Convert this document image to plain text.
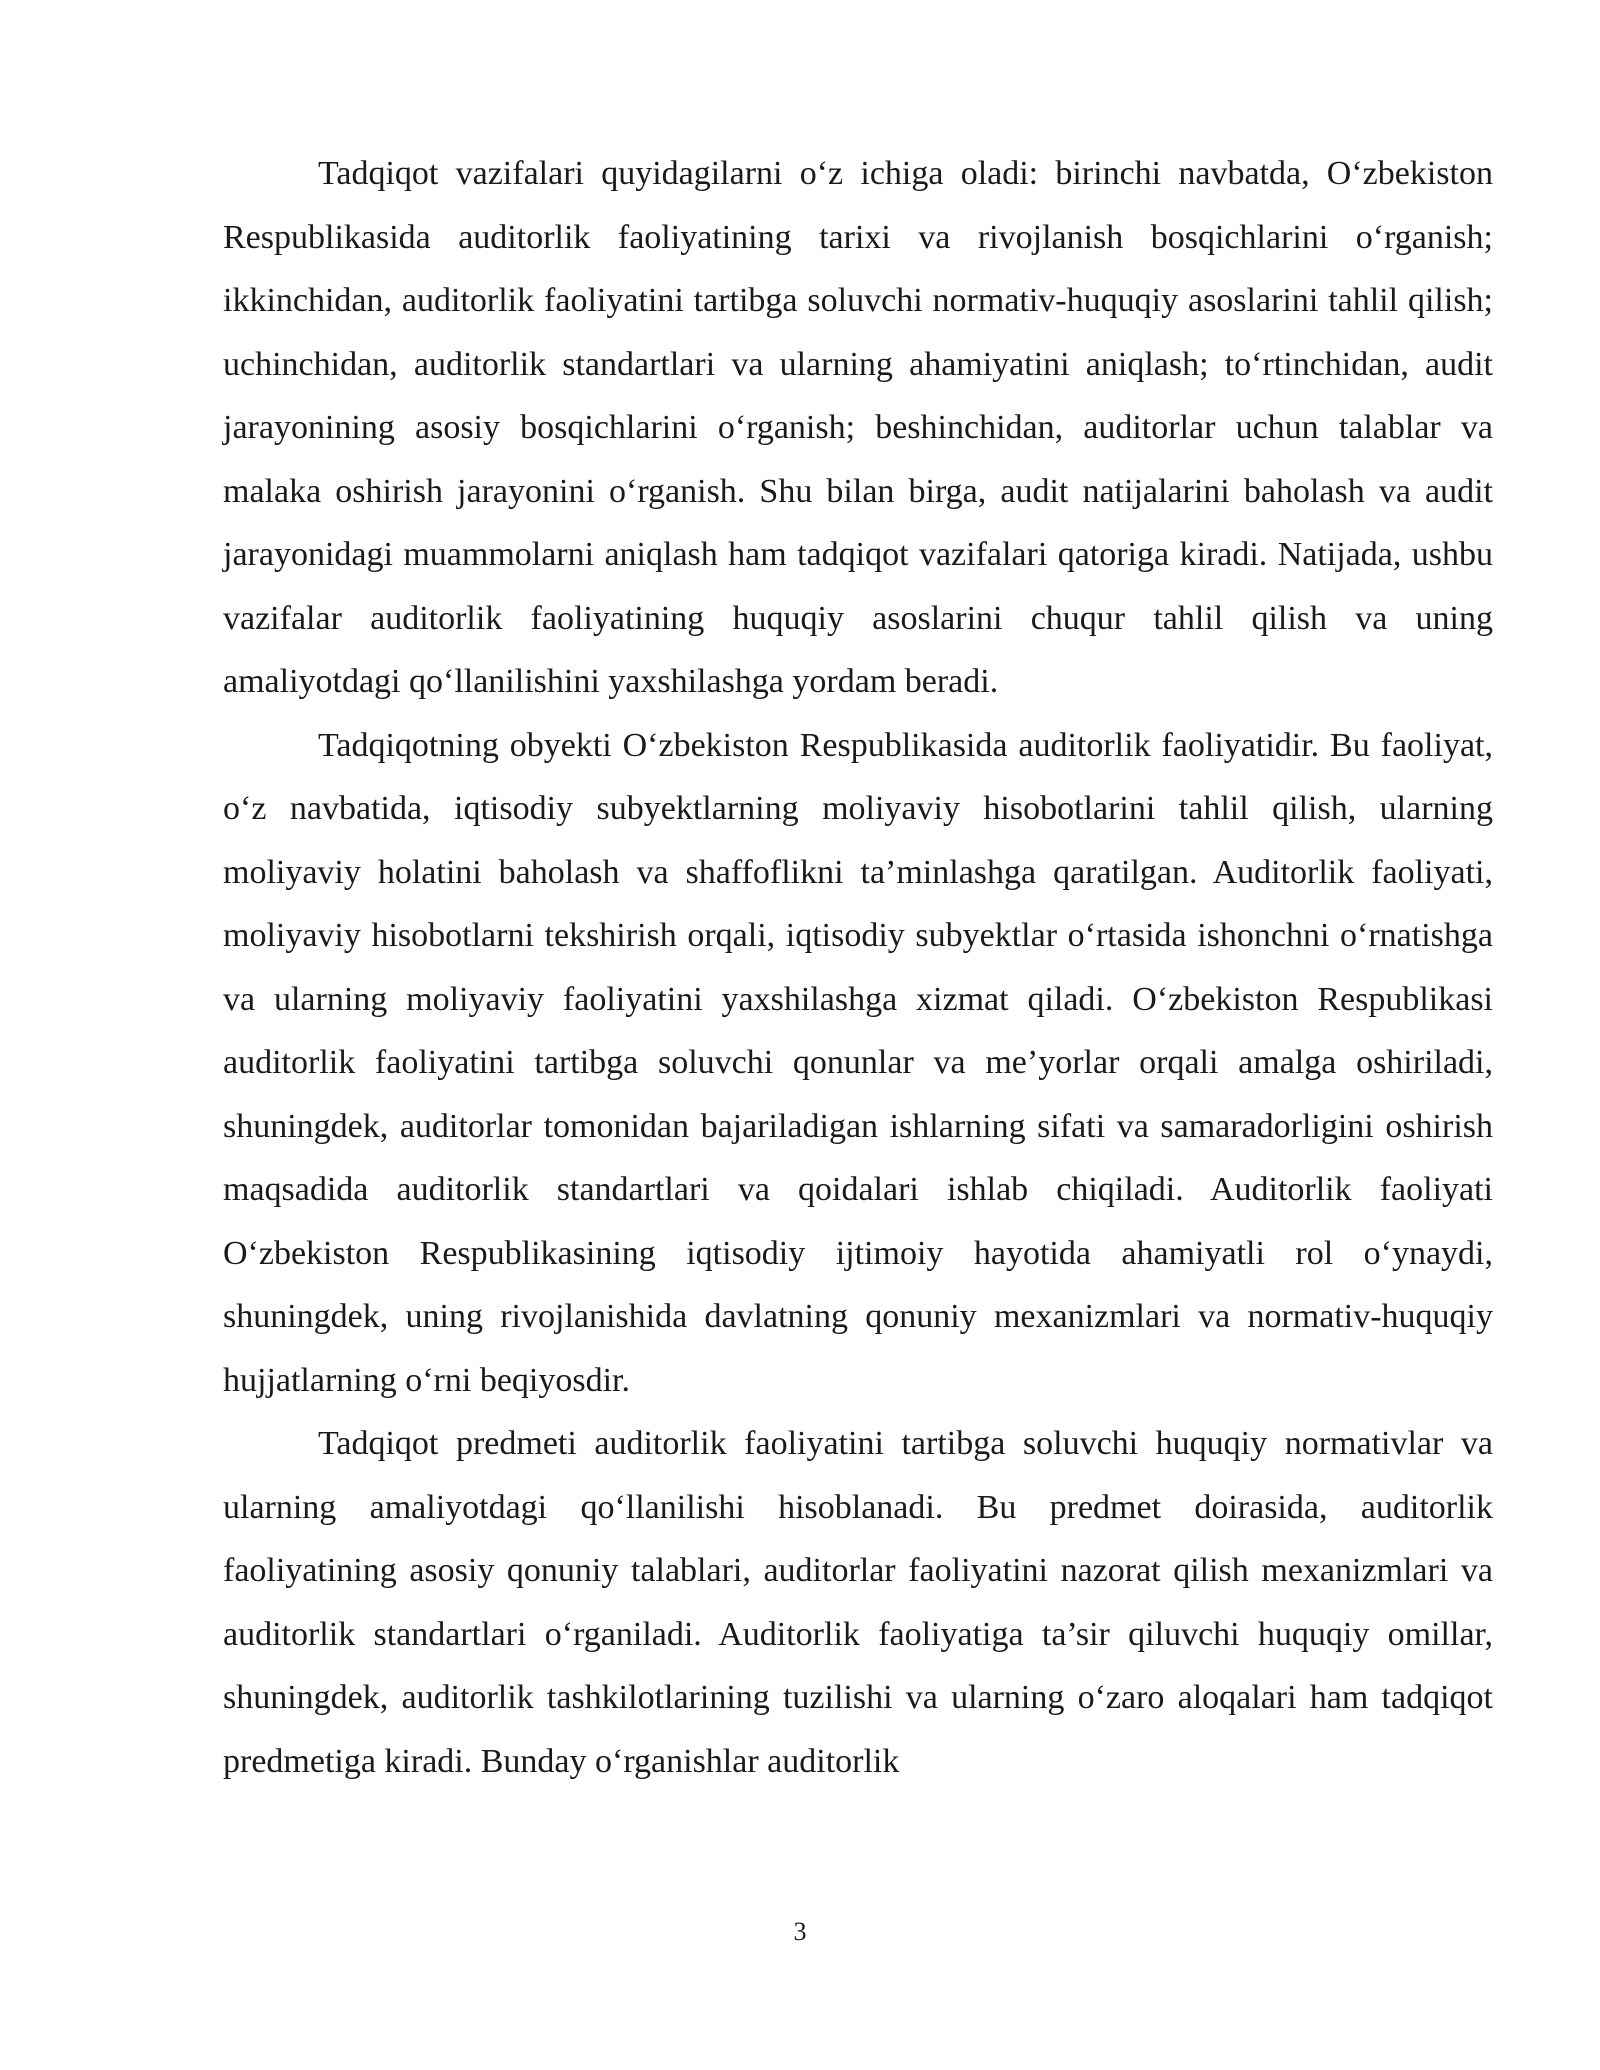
Tadqiqot vazifalari quyidagilarni o‘z ichiga oladi: birinchi navbatda, O‘zbekiston Respublikasida auditorlik faoliyatining tarixi va rivojlanish bosqichlarini o‘rganish; ikkinchidan, auditorlik faoliyatini tartibga soluvchi normativ-huquqiy asoslarini tahlil qilish; uchinchidan, auditorlik standartlari va ularning ahamiyatini aniqlash; to‘rtinchidan, audit jarayonining asosiy bosqichlarini o‘rganish; beshinchidan, auditorlar uchun talablar va malaka oshirish jarayonini o‘rganish. Shu bilan birga, audit natijalarini baholash va audit jarayonidagi muammolarni aniqlash ham tadqiqot vazifalari qatoriga kiradi. Natijada, ushbu vazifalar auditorlik faoliyatining huquqiy asoslarini chuqur tahlil qilish va uning amaliyotdagi qo‘llanilishini yaxshilashga yordam beradi.

Tadqiqotning obyekti O‘zbekiston Respublikasida auditorlik faoliyatidir. Bu faoliyat, o‘z navbatida, iqtisodiy subyektlarning moliyaviy hisobotlarini tahlil qilish, ularning moliyaviy holatini baholash va shaffoflikni ta’minlashga qaratilgan. Auditorlik faoliyati, moliyaviy hisobotlarni tekshirish orqali, iqtisodiy subyektlar o‘rtasida ishonchni o‘rnatishga va ularning moliyaviy faoliyatini yaxshilashga xizmat qiladi. O‘zbekiston Respublikasi auditorlik faoliyatini tartibga soluvchi qonunlar va me’yorlar orqali amalga oshiriladi, shuningdek, auditorlar tomonidan bajariladigan ishlarning sifati va samaradorligini oshirish maqsadida auditorlik standartlari va qoidalari ishlab chiqiladi. Auditorlik faoliyati O‘zbekiston Respublikasining iqtisodiy ijtimoiy hayotida ahamiyatli rol o‘ynaydi, shuningdek, uning rivojlanishida davlatning qonuniy mexanizmlari va normativ-huquqiy hujjatlarning o‘rni beqiyosdir.

Tadqiqot predmeti auditorlik faoliyatini tartibga soluvchi huquqiy normativlar va ularning amaliyotdagi qo‘llanilishi hisoblanadi. Bu predmet doirasida, auditorlik faoliyatining asosiy qonuniy talablari, auditorlar faoliyatini nazorat qilish mexanizmlari va auditorlik standartlari o‘rganiladi. Auditorlik faoliyatiga ta’sir qiluvchi huquqiy omillar, shuningdek, auditorlik tashkilotlarining tuzilishi va ularning o‘zaro aloqalari ham tadqiqot predmetiga kiradi. Bunday o‘rganishlar auditorlik

3
